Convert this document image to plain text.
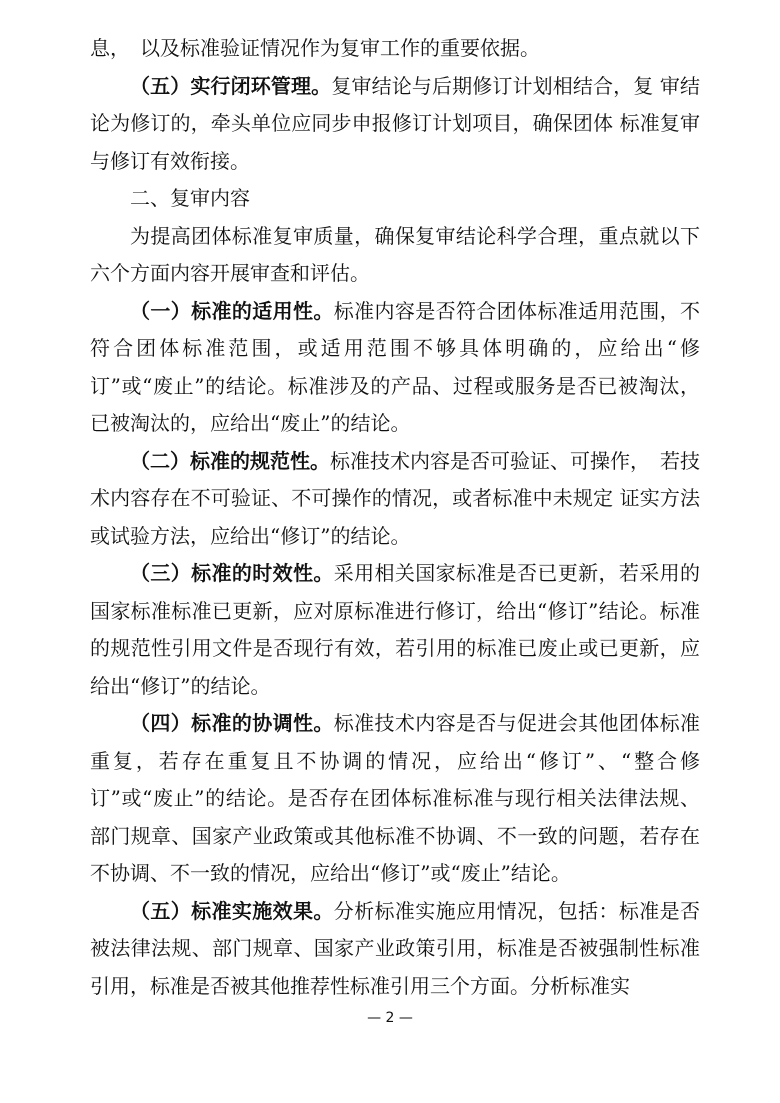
息，　以及标准验证情况作为复审工作的重要依据。

（五）实行闭环管理。复审结论与后期修订计划相结合，复 审结论为修订的，牵头单位应同步申报修订计划项目，确保团体 标准复审与修订有效衔接。

二、复审内容

为提高团体标准复审质量，确保复审结论科学合理，重点就以下六个方面内容开展审查和评估。

（一）标准的适用性。标准内容是否符合团体标准适用范围，不符合团体标准范围，或适用范围不够具体明确的，应给出“修订”或“废止”的结论。标准涉及的产品、过程或服务是否已被淘汰，已被淘汰的，应给出“废止”的结论。

（二）标准的规范性。标准技术内容是否可验证、可操作，　若技术内容存在不可验证、不可操作的情况，或者标准中未规定 证实方法或试验方法，应给出“修订”的结论。

（三）标准的时效性。采用相关国家标准是否已更新，若采用的国家标准标准已更新，应对原标准进行修订，给出“修订”结论。标准的规范性引用文件是否现行有效，若引用的标准已废止或已更新，应给出“修订”的结论。

（四）标准的协调性。标准技术内容是否与促进会其他团体标准重复，若存在重复且不协调的情况，应给出“修订”、“整合修订”或“废止”的结论。是否存在团体标准标准与现行相关法律法规、部门规章、国家产业政策或其他标准不协调、不一致的问题，若存在不协调、不一致的情况，应给出“修订”或“废止”结论。

（五）标准实施效果。分析标准实施应用情况，包括：标准是否被法律法规、部门规章、国家产业政策引用，标准是否被强制性标准引用，标准是否被其他推荐性标准引用三个方面。分析标准实

— 2 —
